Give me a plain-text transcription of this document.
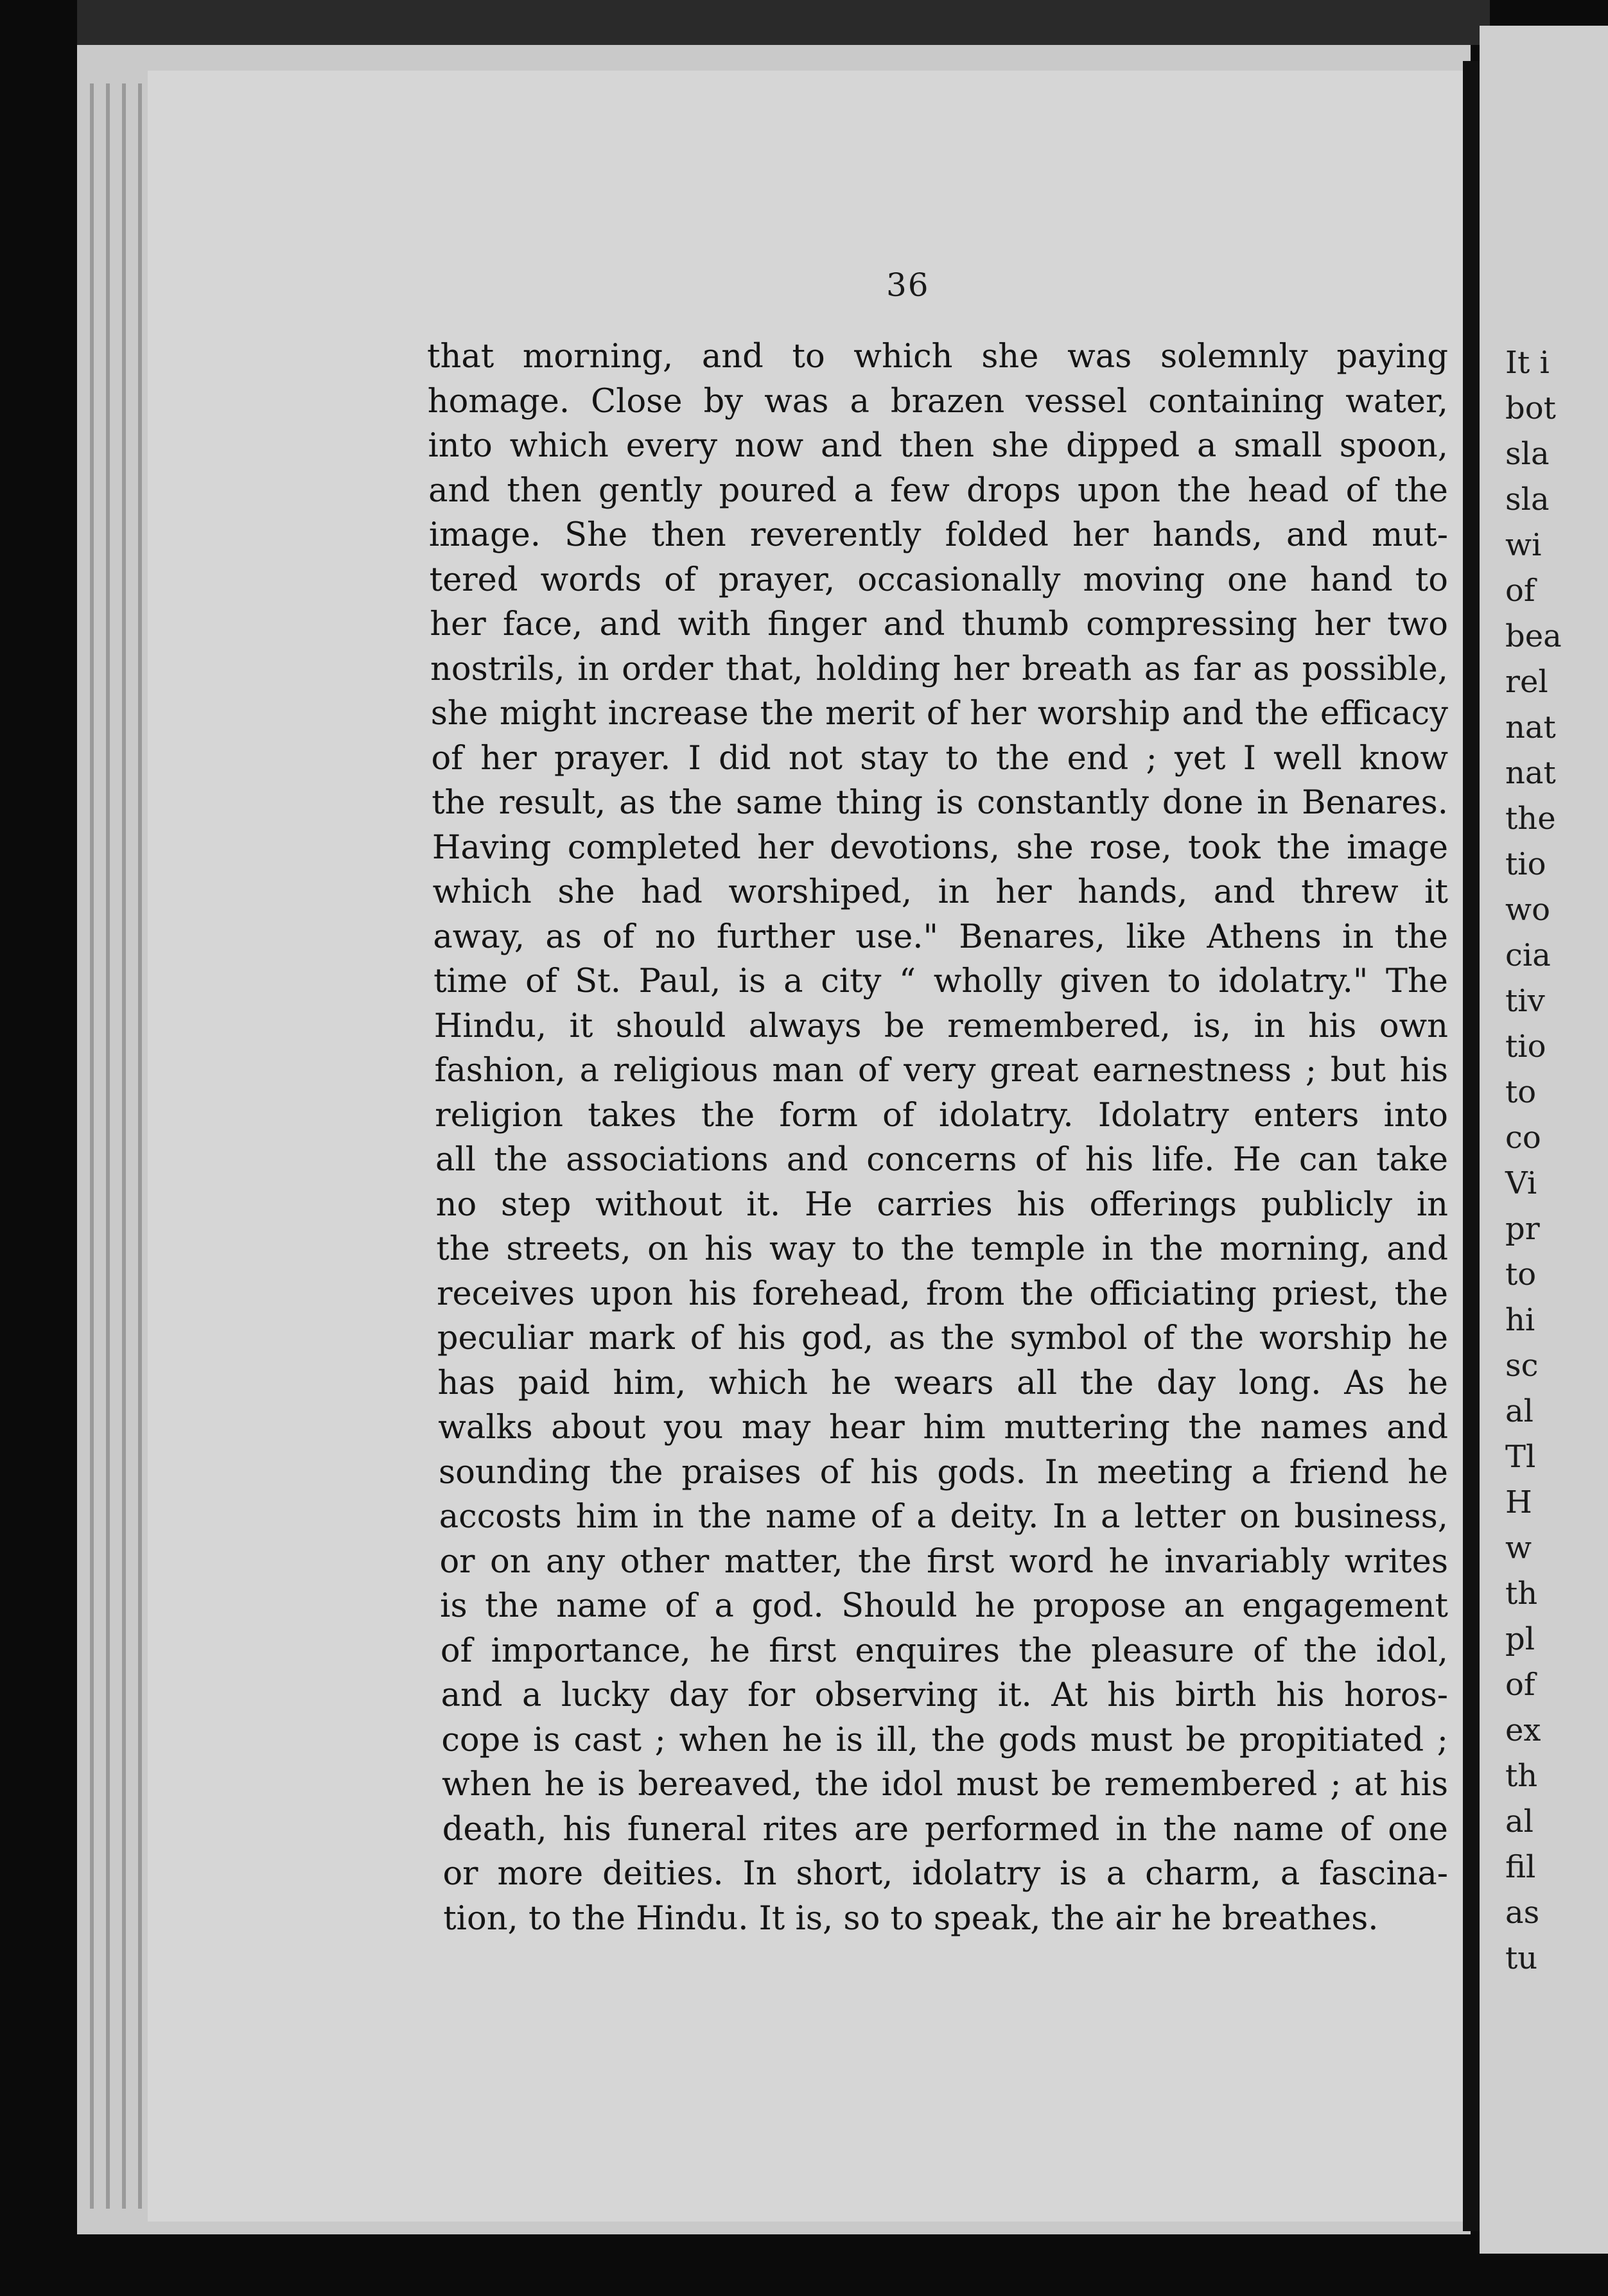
36
that morning, and to which she was solemnly paying
homage. Close by was a brazen vessel containing water,
into which every now and then she dipped a small spoon,
and then gently poured a few drops upon the head of the
image. She then reverently folded her hands, and mut-
tered words of prayer, occasionally moving one hand to
her face, and with finger and thumb compressing her two
nostrils, in order that, holding her breath as far as possible,
she might increase the merit of her worship and the efficacy
of her prayer. I did not stay to the end ; yet I well know
the result, as the same thing is constantly done in Benares.
Having completed her devotions, she rose, took the image
which she had worshiped, in her hands, and threw it
away, as of no further use." Benares, like Athens in the
time of St. Paul, is a city “ wholly given to idolatry." The
Hindu, it should always be remembered, is, in his own
fashion, a religious man of very great earnestness ; but his
religion takes the form of idolatry. Idolatry enters into
all the associations and concerns of his life. He can take
no step without it. He carries his offerings publicly in
the streets, on his way to the temple in the morning, and
receives upon his forehead, from the officiating priest, the
peculiar mark of his god, as the symbol of the worship he
has paid him, which he wears all the day long. As he
walks about you may hear him muttering the names and
sounding the praises of his gods. In meeting a friend he
accosts him in the name of a deity. In a letter on business,
or on any other matter, the first word he invariably writes
is the name of a god. Should he propose an engagement
of importance, he first enquires the pleasure of the idol,
and a lucky day for observing it. At his birth his horos-
cope is cast ; when he is ill, the gods must be propitiated ;
when he is bereaved, the idol must be remembered ; at his
death, his funeral rites are performed in the name of one
or more deities. In short, idolatry is a charm, a fascina-
tion, to the Hindu. It is, so to speak, the air he breathes.
It i
bot
sla
sla
wi
of
bea
rel
nat
nat
the
tio
wo
cia
tiv
tio
to
co
Vi
pr
to
hi
sc
al
Tl
H
w
th
pl
of
ex
th
al
fil
as
tu
